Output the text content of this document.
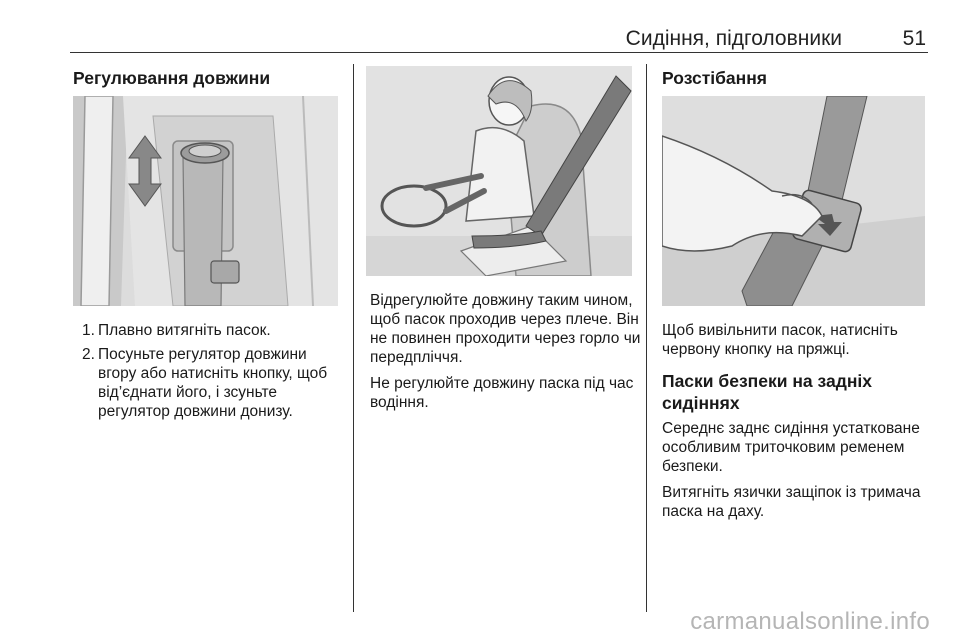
Сидіння, підголовники	51
Регулювання довжини
1. Плавно витягніть пасок.
2. Посуньте регулятор довжини вгору або натисніть кнопку, щоб від’єднати його, і зсуньте регулятор довжини донизу.

Відрегулюйте довжину таким чином, щоб пасок проходив через плече. Він не повинен проходити через горло чи передпліччя.

Не регулюйте довжину паска під час водіння.

Розстібання

Щоб вивільнити пасок, натисніть червону кнопку на пряжці.

Паски безпеки на задніх сидіннях

Середнє заднє сидіння устатковане особливим триточковим ременем безпеки.

Витягніть язички защіпок із тримача паска на даху.

carmanualsonline.info
